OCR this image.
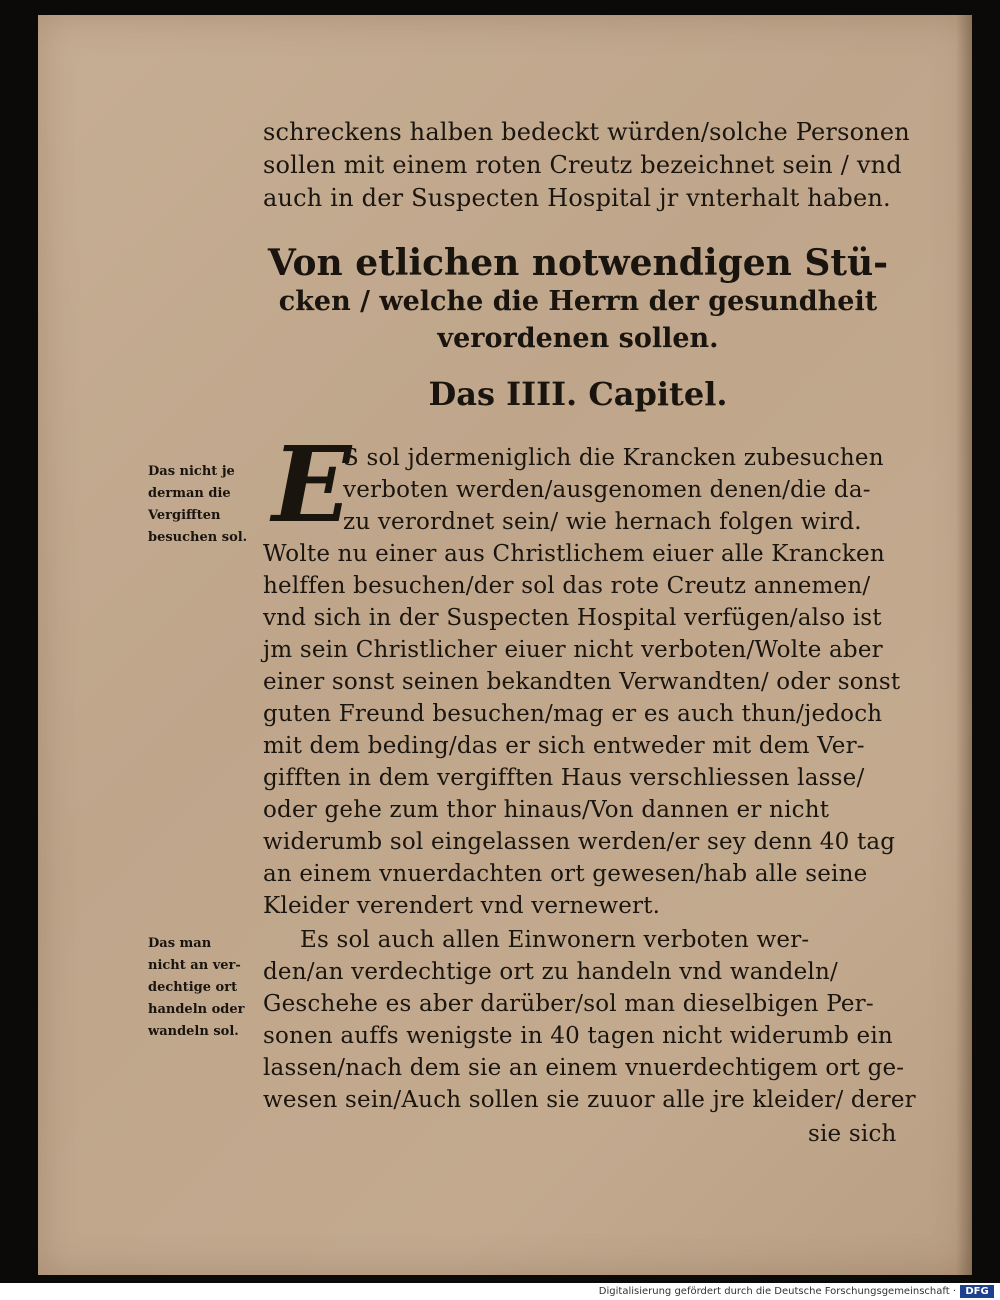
schreckens halben bedeckt würden/solche Personen
sollen mit einem roten Creutz bezeichnet sein / vnd
auch in der Suspecten Hospital jr vnterhalt haben.
Von etlichen notwendigen Stü-
cken / welche die Herrn der gesundheit
verordenen sollen.
Das IIII. Capitel.
Das nicht je
derman die
Vergifften
besuchen sol. E
S sol jdermeniglich die Krancken zubesuchen
verboten werden/ausgenomen denen/die da-
zu verordnet sein/ wie hernach folgen wird.
Wolte nu einer aus Christlichem eiuer alle Krancken
helffen besuchen/der sol das rote Creutz annemen/
vnd sich in der Suspecten Hospital verfügen/also ist
jm sein Christlicher eiuer nicht verboten/Wolte aber
einer sonst seinen bekandten Verwandten/ oder sonst
guten Freund besuchen/mag er es auch thun/jedoch
mit dem beding/das er sich entweder mit dem Ver-
gifften in dem vergifften Haus verschliessen lasse/
oder gehe zum thor hinaus/Von dannen er nicht
widerumb sol eingelassen werden/er sey denn 40 tag
an einem vnuerdachten ort gewesen/hab alle seine
Kleider verendert vnd vernewert.
Das man
nicht an ver-
dechtige ort
handeln oder
wandeln sol.
Es sol auch allen Einwonern verboten wer-
den/an verdechtige ort zu handeln vnd wandeln/
Geschehe es aber darüber/sol man dieselbigen Per-
sonen auffs wenigste in 40 tagen nicht widerumb ein
lassen/nach dem sie an einem vnuerdechtigem ort ge-
wesen sein/Auch sollen sie zuuor alle jre kleider/ derer
sie sich
Digitalisierung gefördert durch die Deutsche Forschungsgemeinschaft · DFG
